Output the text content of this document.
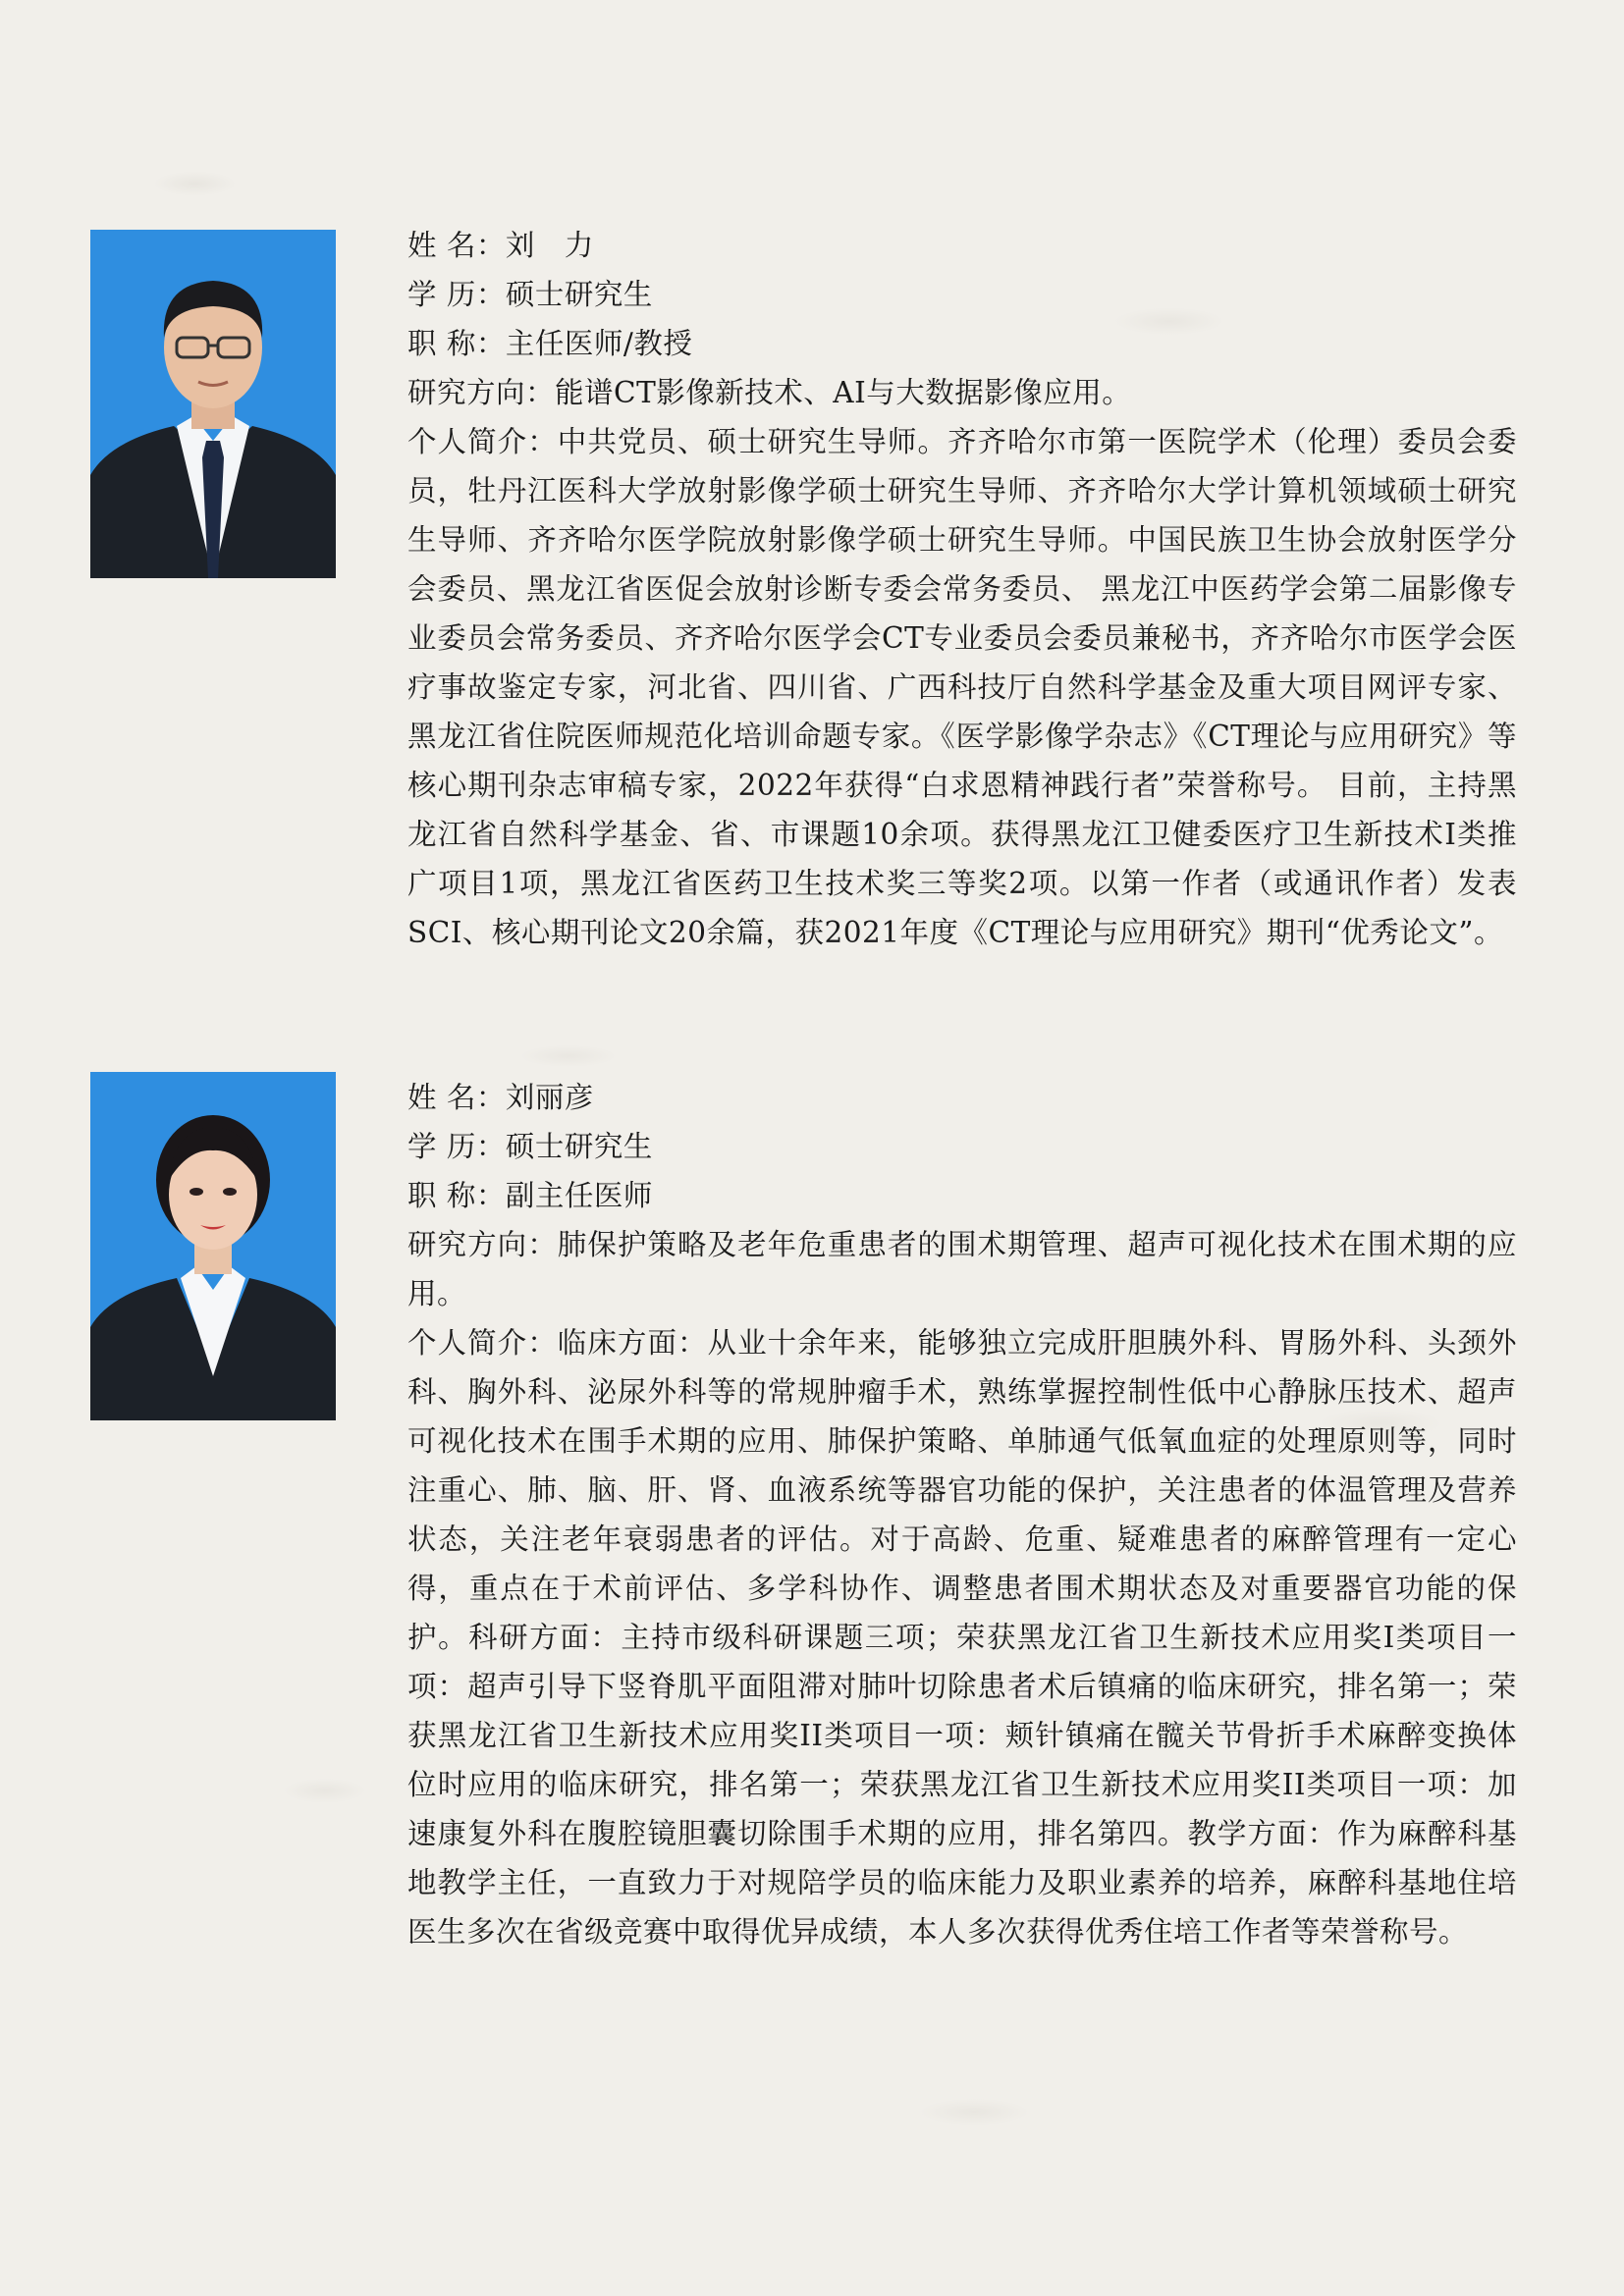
姓 名：刘　力

学 历：硕士研究生

职 称：主任医师/教授

研究方向：能谱CT影像新技术、AI与大数据影像应用。

个人简介：中共党员、硕士研究生导师。齐齐哈尔市第一医院学术（伦理）委员会委员，牡丹江医科大学放射影像学硕士研究生导师、齐齐哈尔大学计算机领域硕士研究生导师、齐齐哈尔医学院放射影像学硕士研究生导师。中国民族卫生协会放射医学分会委员、黑龙江省医促会放射诊断专委会常务委员、 黑龙江中医药学会第二届影像专业委员会常务委员、齐齐哈尔医学会CT专业委员会委员兼秘书，齐齐哈尔市医学会医疗事故鉴定专家，河北省、四川省、广西科技厅自然科学基金及重大项目网评专家、黑龙江省住院医师规范化培训命题专家。《医学影像学杂志》《CT理论与应用研究》等核心期刊杂志审稿专家，2022年获得“白求恩精神践行者”荣誉称号。 目前，主持黑龙江省自然科学基金、省、市课题10余项。获得黑龙江卫健委医疗卫生新技术Ⅰ类推广项目1项，黑龙江省医药卫生技术奖三等奖2项。以第一作者（或通讯作者）发表SCI、核心期刊论文20余篇，获2021年度《CT理论与应用研究》期刊“优秀论文”。

姓 名：刘丽彦

学 历：硕士研究生

职 称：副主任医师

研究方向：肺保护策略及老年危重患者的围术期管理、超声可视化技术在围术期的应用。

个人简介：临床方面：从业十余年来，能够独立完成肝胆胰外科、胃肠外科、头颈外科、胸外科、泌尿外科等的常规肿瘤手术，熟练掌握控制性低中心静脉压技术、超声可视化技术在围手术期的应用、肺保护策略、单肺通气低氧血症的处理原则等，同时注重心、肺、脑、肝、肾、血液系统等器官功能的保护，关注患者的体温管理及营养状态，关注老年衰弱患者的评估。对于高龄、危重、疑难患者的麻醉管理有一定心得，重点在于术前评估、多学科协作、调整患者围术期状态及对重要器官功能的保护。科研方面：主持市级科研课题三项；荣获黑龙江省卫生新技术应用奖I类项目一项：超声引导下竖脊肌平面阻滞对肺叶切除患者术后镇痛的临床研究，排名第一；荣获黑龙江省卫生新技术应用奖II类项目一项：颊针镇痛在髋关节骨折手术麻醉变换体位时应用的临床研究，排名第一；荣获黑龙江省卫生新技术应用奖II类项目一项：加速康复外科在腹腔镜胆囊切除围手术期的应用，排名第四。教学方面：作为麻醉科基地教学主任，一直致力于对规陪学员的临床能力及职业素养的培养，麻醉科基地住培医生多次在省级竞赛中取得优异成绩，本人多次获得优秀住培工作者等荣誉称号。
